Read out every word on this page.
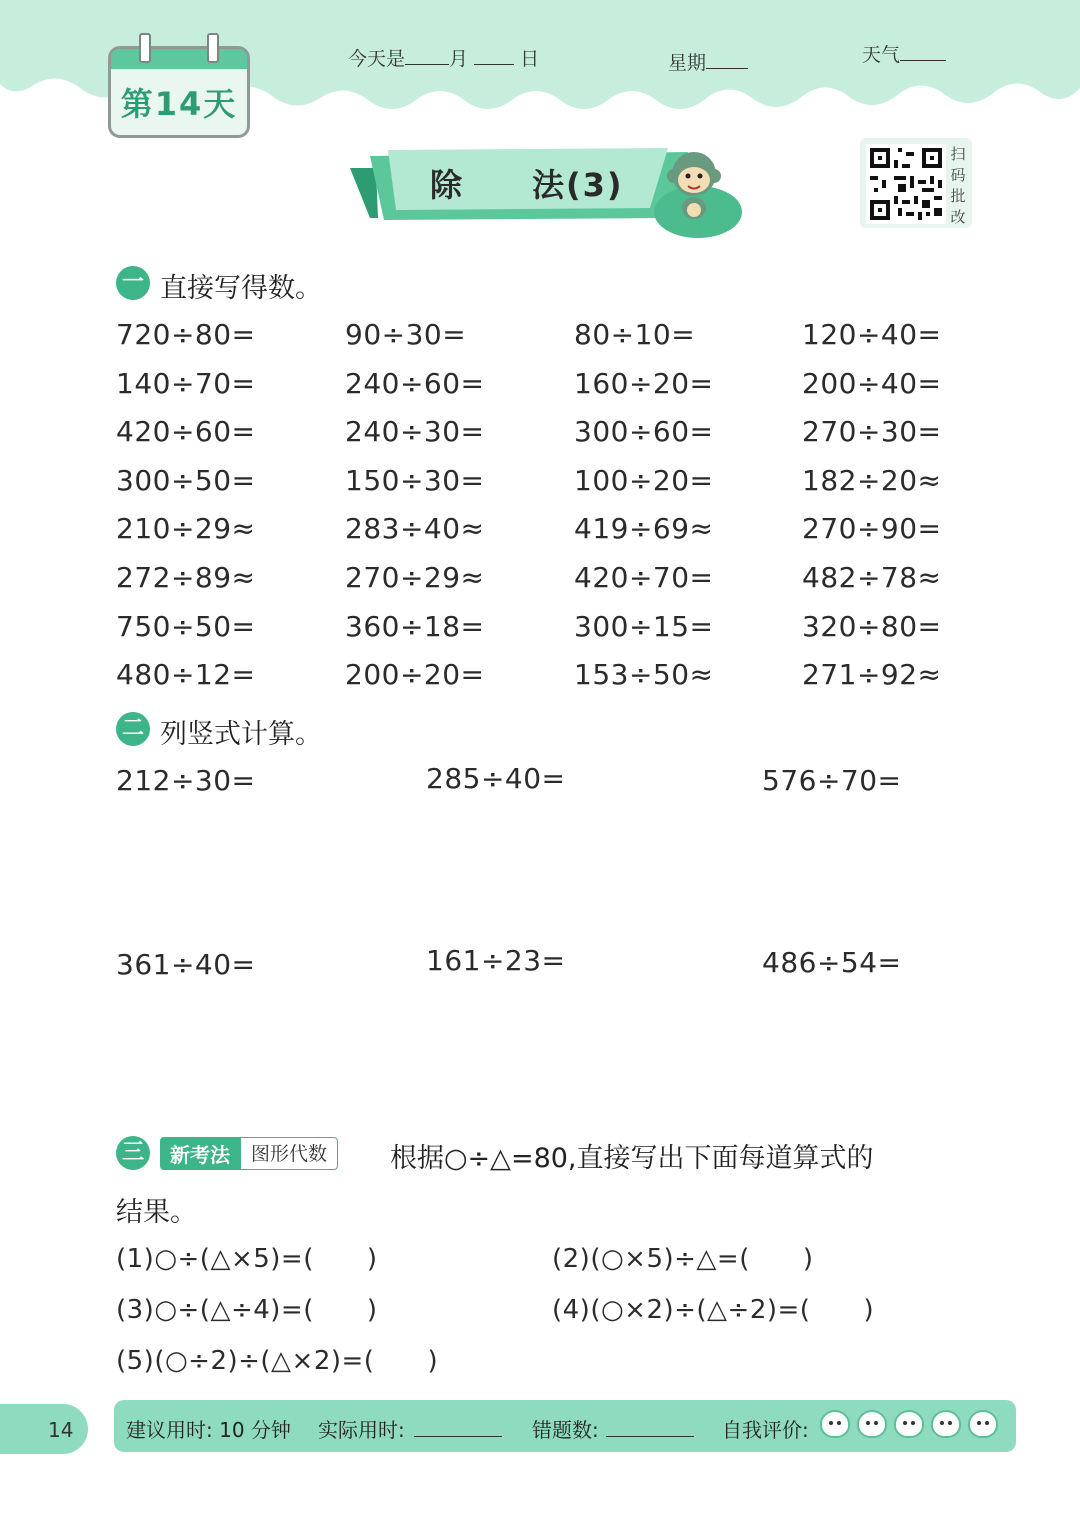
第14天
今天是 月	日	星期	天气
除　　法(3)
扫
码
批
改
一 直接写得数。
720÷80=	90÷30=	80÷10=	120÷40=
140÷70=	240÷60=	160÷20=	200÷40=
420÷60=	240÷30=	300÷60=	270÷30=
300÷50=	150÷30=	100÷20=	182÷20≈
210÷29≈	283÷40≈	419÷69≈	270÷90=
272÷89≈	270÷29≈	420÷70=	482÷78≈
750÷50=	360÷18=	300÷15=	320÷80=
480÷12=	200÷20=	153÷50≈	271÷92≈
二 列竖式计算。
212÷30=	285÷40=	576÷70=
361÷40=	161÷23=	486÷54=
三	新考法	图形代数	根据○÷△=80,直接写出下面每道算式的
结果。
(1)○÷(△×5)=(　　)	(2)(○×5)÷△=(　　)
(3)○÷(△÷4)=(　　)	(4)(○×2)÷(△÷2)=(　　)
(5)(○÷2)÷(△×2)=(　　)
14	建议用时: 10 分钟 实际用时:	错题数:	自我评价:
